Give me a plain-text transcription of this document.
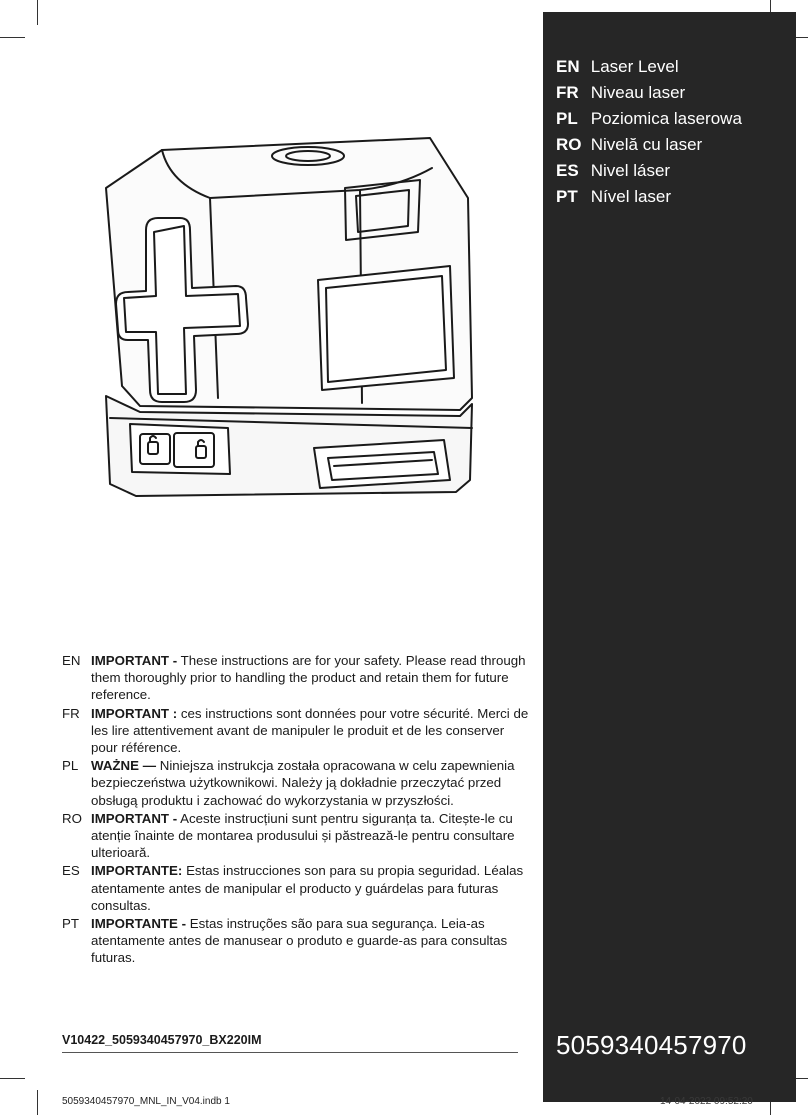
EN Laser Level
FR Niveau laser
PL Poziomica laserowa
RO Nivelă cu laser
ES Nivel láser
PT Nível laser
5059340457970
EN IMPORTANT - These instructions are for your safety. Please read through them thoroughly prior to handling the product and retain them for future reference.
FR IMPORTANT : ces instructions sont données pour votre sécurité. Merci de les lire attentivement avant de manipuler le produit et de les conserver pour référence.
PL WAŻNE — Niniejsza instrukcja została opracowana w celu zapewnienia bezpieczeństwa użytkownikowi. Należy ją dokładnie przeczytać przed obsługą produktu i zachować do wykorzystania w przyszłości.
RO IMPORTANT - Aceste instrucțiuni sunt pentru siguranța ta. Citește-le cu atenție înainte de montarea produsului și păstrează-le pentru consultare ulterioară.
ES IMPORTANTE: Estas instrucciones son para su propia seguridad. Léalas atentamente antes de manipular el producto y guárdelas para futuras consultas.
PT IMPORTANTE - Estas instruções são para sua segurança. Leia-as atentamente antes de manusear o produto e guarde-as para consultas futuras.
V10422_5059340457970_BX220IM
5059340457970_MNL_IN_V04.indb 1	14-04-2022 09:52:20
